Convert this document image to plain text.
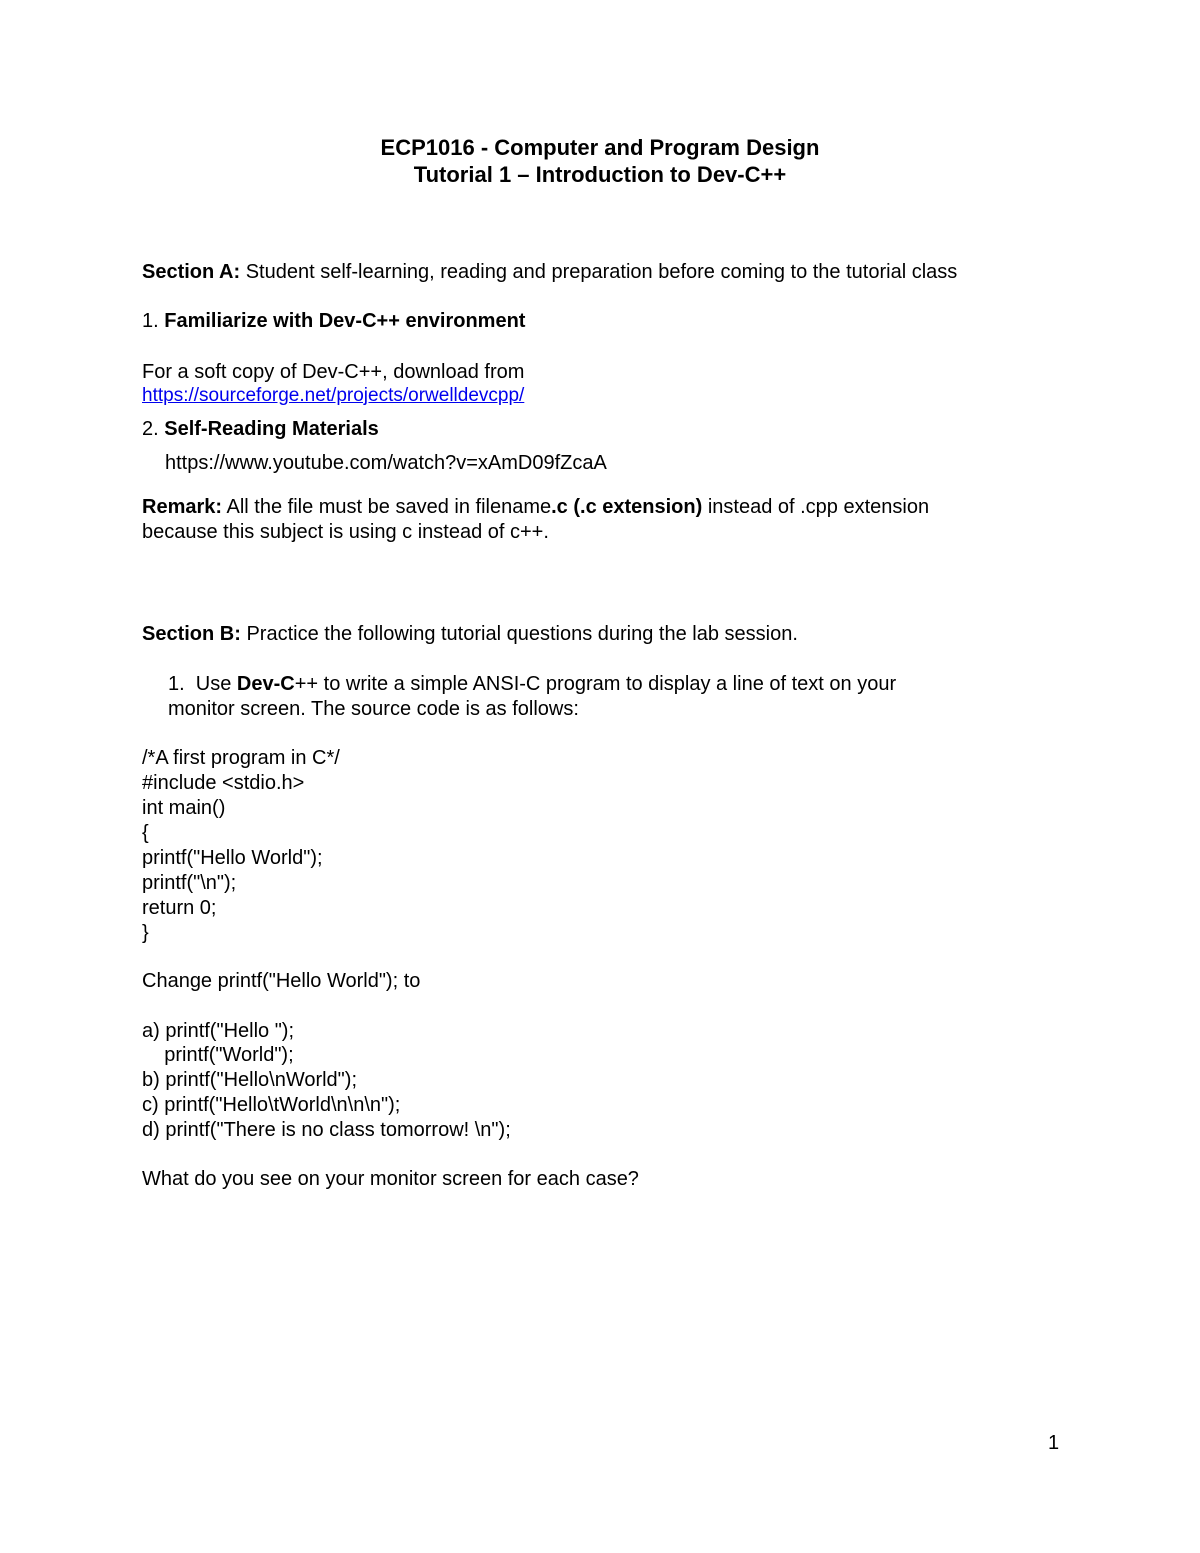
ECP1016 - Computer and Program Design
Tutorial 1 – Introduction to Dev-C++
Section A: Student self-learning, reading and preparation before coming to the tutorial class
1. Familiarize with Dev-C++ environment
For a soft copy of Dev-C++, download from
https://sourceforge.net/projects/orwelldevcpp/
2. Self-Reading Materials
https://www.youtube.com/watch?v=xAmD09fZcaA
Remark: All the file must be saved in filename.c (.c extension) instead of .cpp extension
because this subject is using c instead of c++.
Section B: Practice the following tutorial questions during the lab session.
1.  Use Dev-C++ to write a simple ANSI-C program to display a line of text on your
monitor screen. The source code is as follows:
/*A first program in C*/
#include <stdio.h>
int main()
{
printf("Hello World");
printf("\n");
return 0;
}
Change printf("Hello World"); to
a) printf("Hello ");
printf("World");
b) printf("Hello\nWorld");
c) printf("Hello\tWorld\n\n\n");
d) printf("There is no class tomorrow! \n");
What do you see on your monitor screen for each case?
1
